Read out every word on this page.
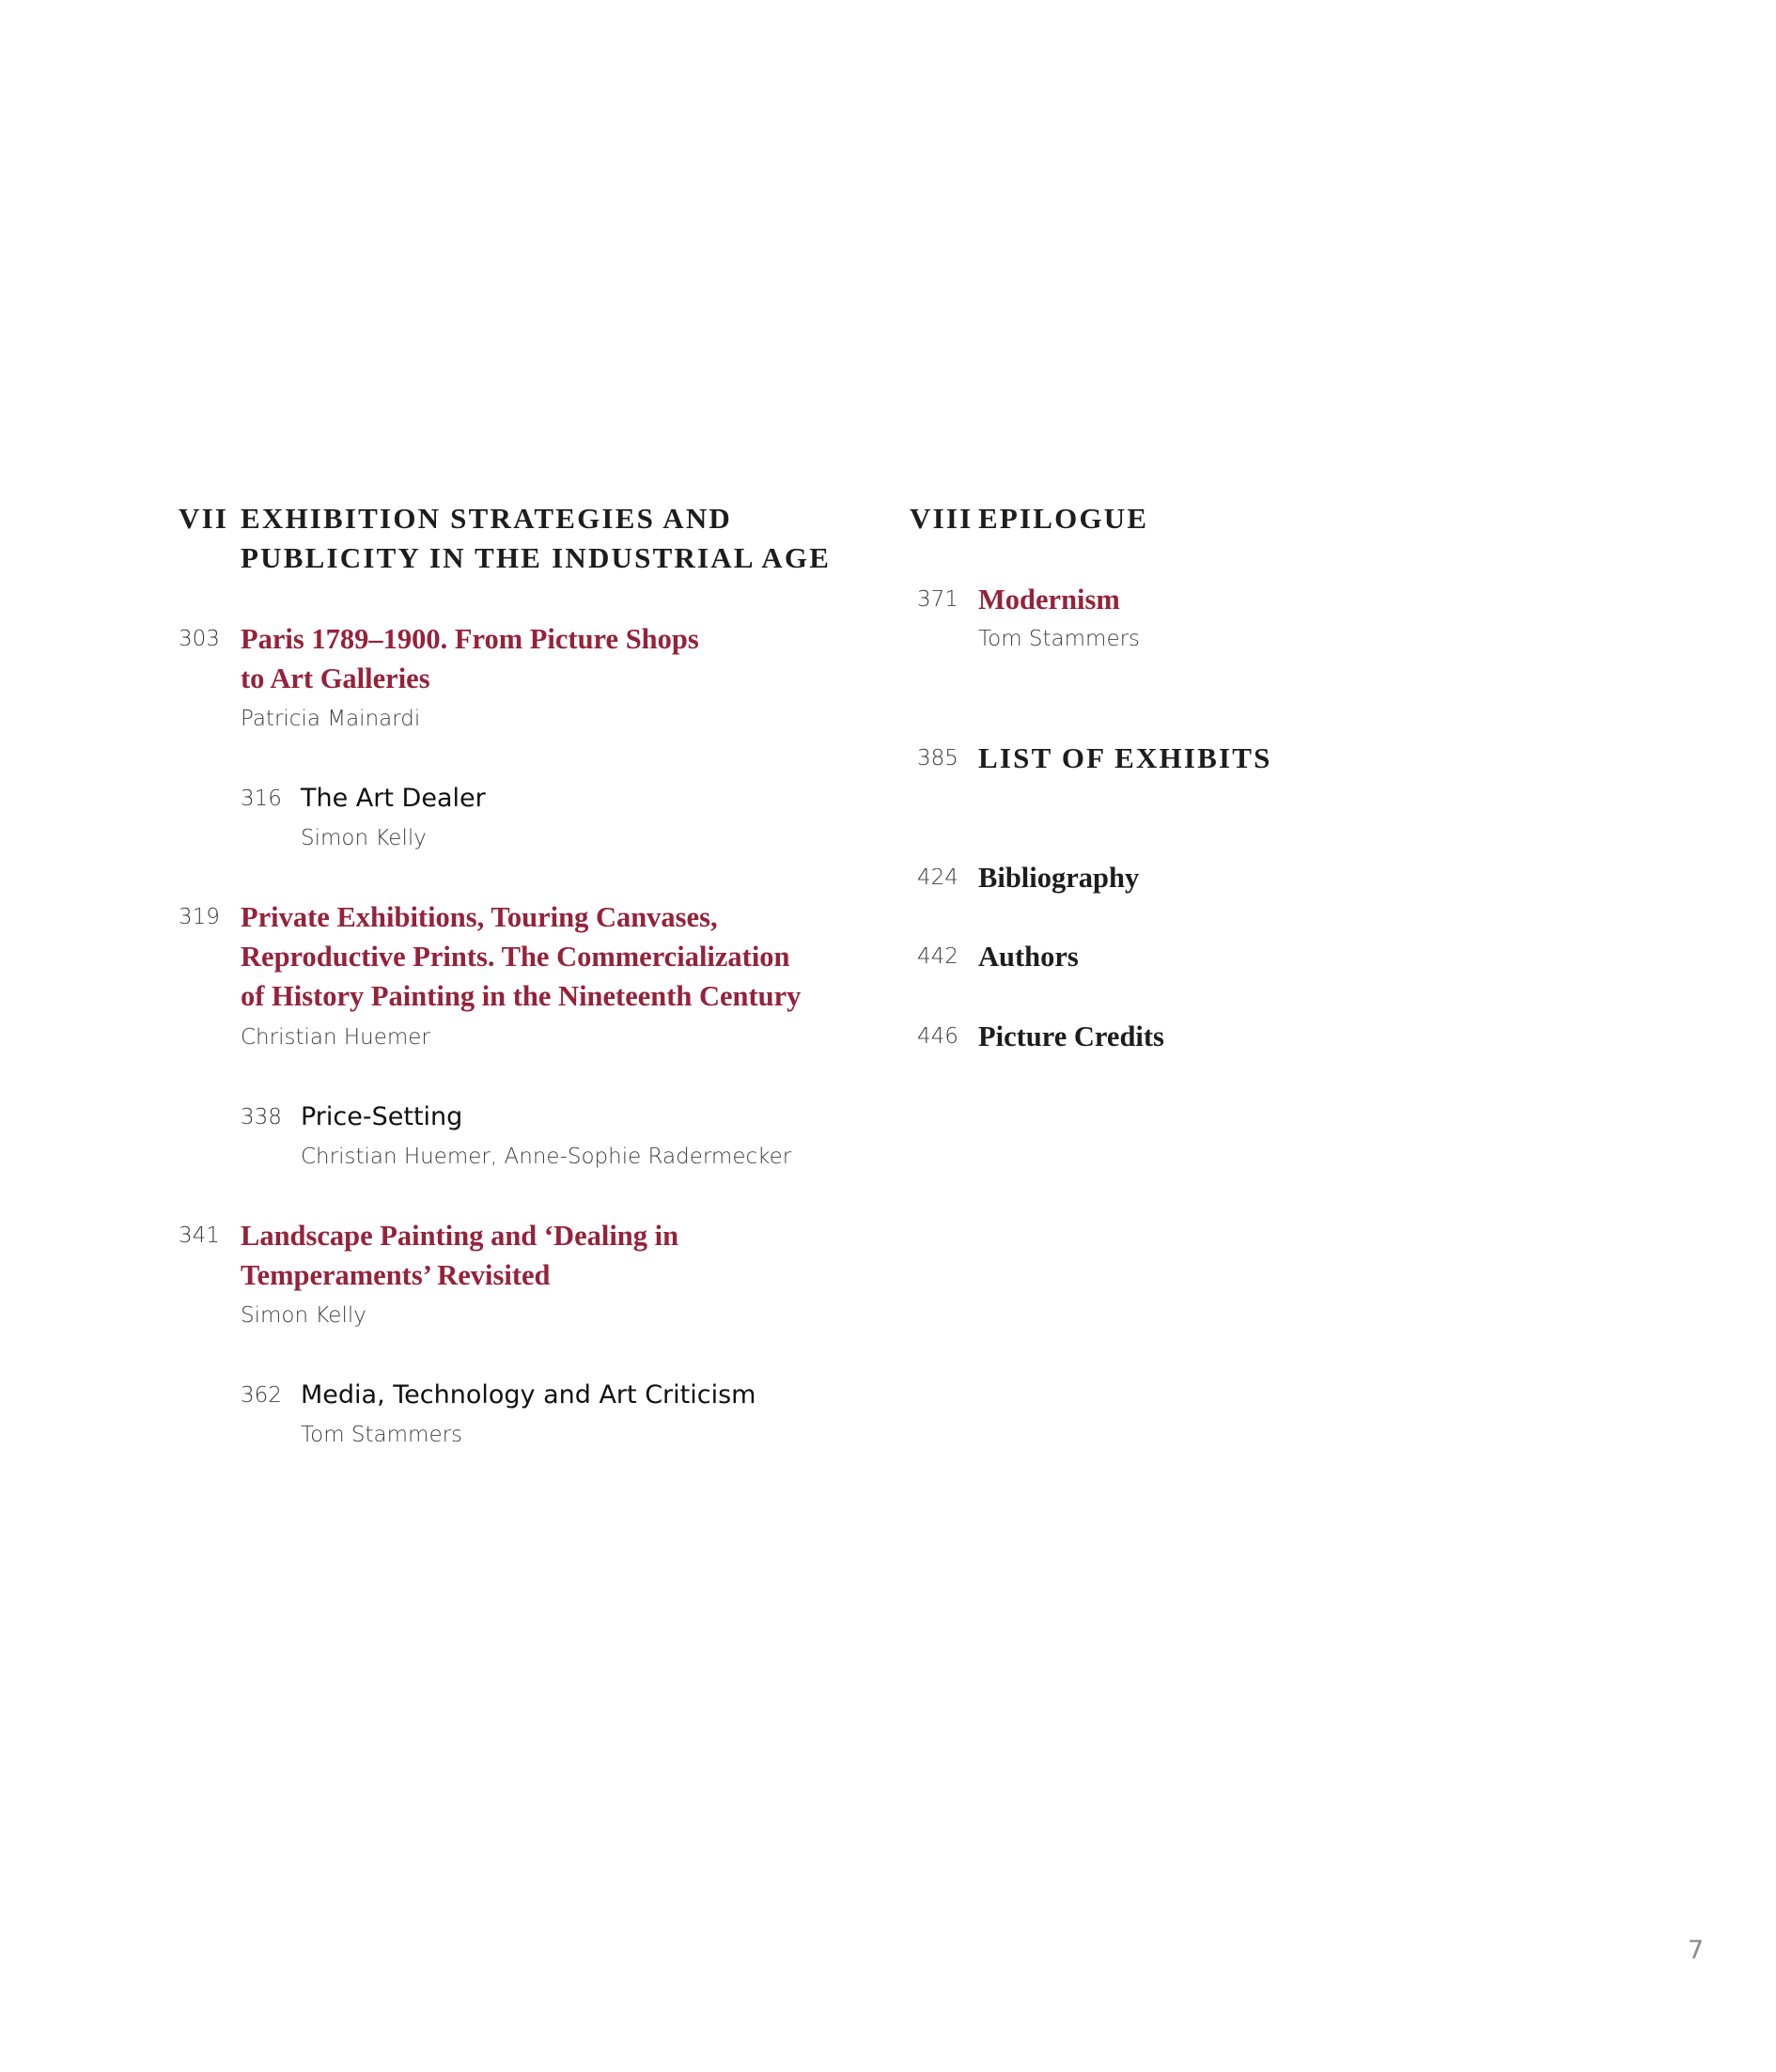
VII EXHIBITION STRATEGIES AND
PUBLICITY IN THE INDUSTRIAL AGE
303 Paris 1789–1900. From Picture Shops
to Art Galleries
Patricia Mainardi
316 The Art Dealer
Simon Kelly
319 Private Exhibitions, Touring Canvases,
Reproductive Prints. The Commercialization
of History Painting in the Nineteenth Century
Christian Huemer
338 Price-Setting
Christian Huemer, Anne-Sophie Radermecker
341 Landscape Painting and ‘Dealing in
Temperaments’ Revisited
Simon Kelly
362 Media, Technology and Art Criticism
Tom Stammers
VIII EPILOGUE
371 Modernism
Tom Stammers
385 LIST OF EXHIBITS
424 Bibliography
442 Authors
446 Picture Credits
7
